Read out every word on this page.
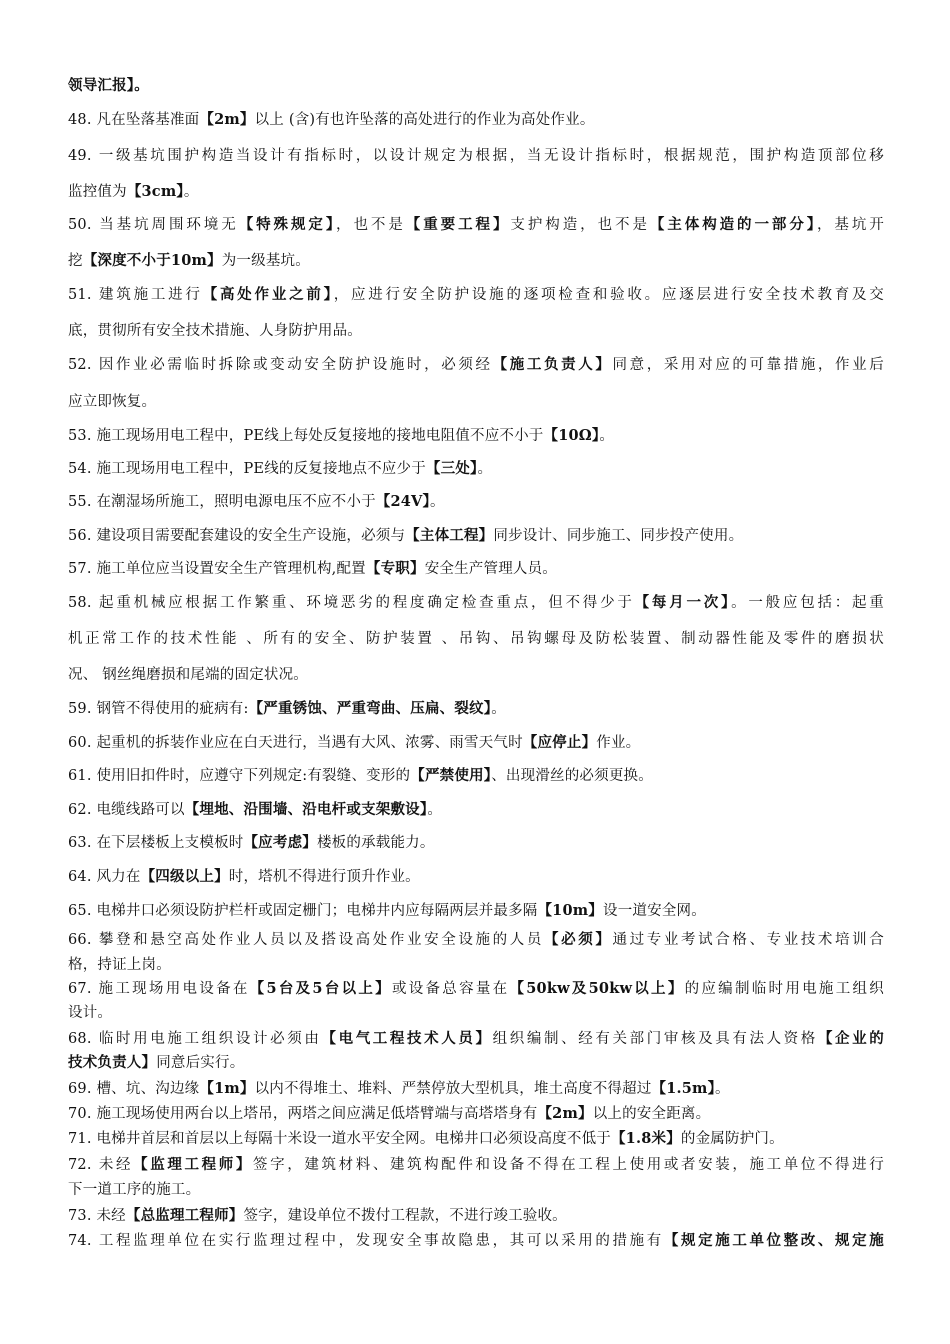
领导汇报】。
48. 凡在坠落基准面【2m】以上 (含)有也许坠落的高处进行的作业为高处作业。
49. 一级基坑围护构造当设计有指标时，以设计规定为根据，当无设计指标时，根据规范，围护构造顶部位移
监控值为【3cm】。
50. 当基坑周围环境无【特殊规定】，也不是【重要工程】支护构造，也不是【主体构造的一部分】，基坑开
挖【深度不小于10m】为一级基坑。
51. 建筑施工进行【高处作业之前】，应进行安全防护设施的逐项检查和验收。应逐层进行安全技术教育及交
底，贯彻所有安全技术措施、人身防护用品。
52. 因作业必需临时拆除或变动安全防护设施时，必须经【施工负责人】同意，采用对应的可靠措施，作业后
应立即恢复。
53. 施工现场用电工程中，PE线上每处反复接地的接地电阻值不应不小于【10Ω】。
54. 施工现场用电工程中，PE线的反复接地点不应少于【三处】。
55. 在潮湿场所施工，照明电源电压不应不小于【24V】。
56. 建设项目需要配套建设的安全生产设施，必须与【主体工程】同步设计、同步施工、同步投产使用。
57. 施工单位应当设置安全生产管理机构,配置【专职】安全生产管理人员。
58. 起重机械应根据工作繁重、环境恶劣的程度确定检查重点，但不得少于【每月一次】。一般应包括：起重
机正常工作的技术性能 、所有的安全、防护装置 、吊钩、吊钩螺母及防松装置、制动器性能及零件的磨损状
况、 钢丝绳磨损和尾端的固定状况。
59. 钢管不得使用的疵病有:【严重锈蚀、严重弯曲、压扁、裂纹】。
60. 起重机的拆装作业应在白天进行，当遇有大风、浓雾、雨雪天气时【应停止】作业。
61. 使用旧扣件时，应遵守下列规定:有裂缝、变形的【严禁使用】、出现滑丝的必须更换。
62. 电缆线路可以【埋地、沿围墙、沿电杆或支架敷设】。
63. 在下层楼板上支模板时【应考虑】楼板的承载能力。
64. 风力在【四级以上】时，塔机不得进行顶升作业。
65. 电梯井口必须设防护栏杆或固定栅门；电梯井内应每隔两层并最多隔【10m】设一道安全网。
66. 攀登和悬空高处作业人员以及搭设高处作业安全设施的人员【必须】通过专业考试合格、专业技术培训合
格，持证上岗。
67. 施工现场用电设备在【5台及5台以上】或设备总容量在【50kw及50kw以上】的应编制临时用电施工组织
设计。
68. 临时用电施工组织设计必须由【电气工程技术人员】组织编制、经有关部门审核及具有法人资格【企业的
技术负责人】同意后实行。
69. 槽、坑、沟边缘【1m】以内不得堆土、堆料、严禁停放大型机具，堆土高度不得超过【1.5m】。
70. 施工现场使用两台以上塔吊，两塔之间应满足低塔臂端与高塔塔身有【2m】以上的安全距离。
71. 电梯井首层和首层以上每隔十米设一道水平安全网。电梯井口必须设高度不低于【1.8米】的金属防护门。
72. 未经【监理工程师】签字，建筑材料、建筑构配件和设备不得在工程上使用或者安装，施工单位不得进行
下一道工序的施工。
73. 未经【总监理工程师】签字，建设单位不拨付工程款，不进行竣工验收。
74. 工程监理单位在实行监理过程中，发现安全事故隐患，其可以采用的措施有【规定施工单位整改、规定施
